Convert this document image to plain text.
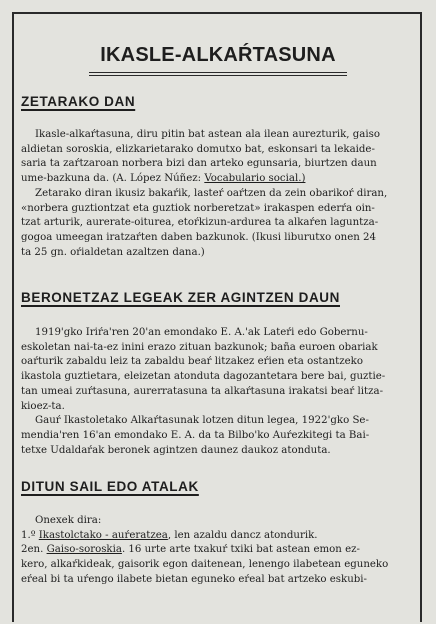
IKASLE-ALKAŔTASUNA
ZETARAKO DAN
Ikasle-alkaŕtasuna, diru pitin bat astean ala ilean aurezturik, gaiso
aldietan soroskia, elizkarietarako domutxo bat, eskonsari ta lekaide-
saria ta zaŕtzaroan norbera bizi dan arteko egunsaria, biurtzen daun
ume-bazkuna da. (A. López Núñez: Vocabulario social.)
Zetarako diran ikusiz bakaŕik, lasteŕ oaŕtzen da zein obarikoŕ diran,
«norbera guztiontzat eta guztiok norberetzat» irakaspen ederŕa oin-
tzat arturik, aurerate-oiturea, etoŕkizun-ardurea ta alkaŕen laguntza-
gogoa umeegan iratzaŕten daben bazkunok. (Ikusi liburutxo onen 24
ta 25 gn. oŕialdetan azaltzen dana.)
BERONETZAZ LEGEAK ZER AGINTZEN DAUN
1919'gko Iriŕa'ren 20'an emondako E. A.'ak Lateŕi edo Gobernu-
eskoletan nai-ta-ez inini erazo zituan bazkunok; baña euroen obariak
oaŕturik zabaldu leiz ta zabaldu beaŕ litzakez eŕien eta ostantzeko
ikastola guztietara, eleizetan atonduta dagozantetara bere bai, guztie-
tan umeai zuŕtasuna, aurerratasuna ta alkaŕtasuna irakatsi beaŕ litza-
kioez-ta.
Gauŕ Ikastoletako Alkaŕtasunak lotzen ditun legea, 1922'gko Se-
mendia'ren 16'an emondako E. A. da ta Bilbo'ko Auŕezkitegi ta Bai-
tetxe Udaldaŕak beronek agintzen daunez daukoz atonduta.
DITUN SAIL EDO ATALAK
Onexek dira:
1.º Ikastolctako - auŕeratzea, len azaldu dancz atondurik.
2en. Gaiso-soroskia. 16 urte arte txakuŕ txiki bat astean emon ez-
kero, alkaŕkideak, gaisorik egon daitenean, lenengo ilabetean eguneko
eŕeal bi ta uŕengo ilabete bietan eguneko eŕeal bat artzeko eskubi-
